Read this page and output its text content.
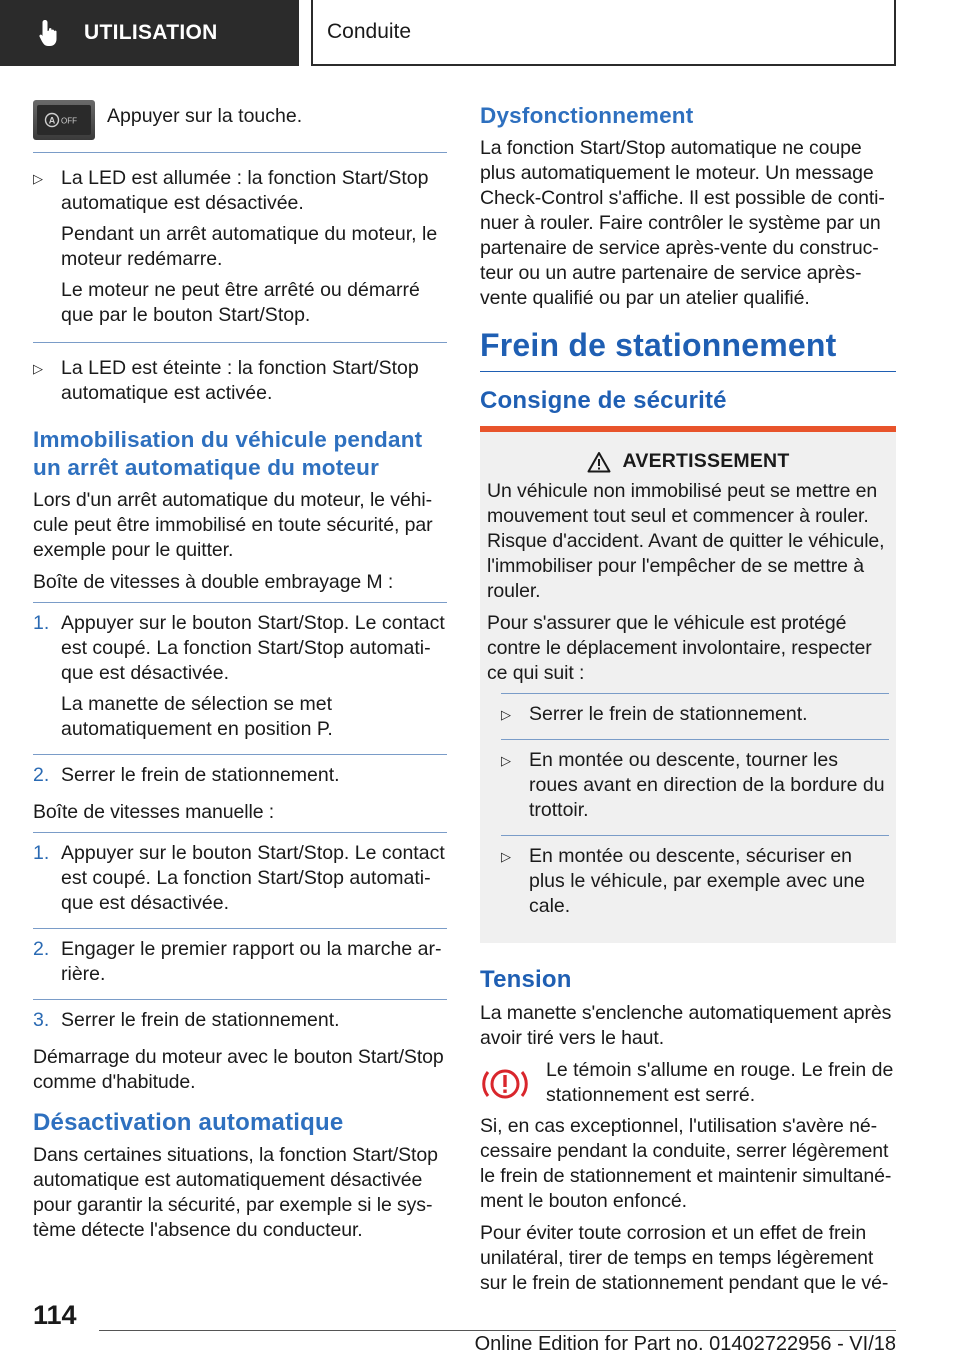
UTILISATION	Conduite
A OFF Appuyer sur la touche.
▷ La LED est allumée : la fonction Start/Stop automatique est désactivée.

Pendant un arrêt automatique du moteur, le moteur redémarre.

Le moteur ne peut être arrêté ou démarré que par le bouton Start/Stop.

▷ La LED est éteinte : la fonction Start/Stop automatique est activée.

Immobilisation du véhicule pendant un arrêt automatique du moteur

Lors d'un arrêt automatique du moteur, le véhicule peut être immobilisé en toute sécurité, par exemple pour le quitter.

Boîte de vitesses à double embrayage M :

1. Appuyer sur le bouton Start/Stop. Le contact est coupé. La fonction Start/Stop automatique est désactivée.

La manette de sélection se met automatiquement en position P.

2. Serrer le frein de stationnement.

Boîte de vitesses manuelle :

1. Appuyer sur le bouton Start/Stop. Le contact est coupé. La fonction Start/Stop automatique est désactivée.

2. Engager le premier rapport ou la marche arrière.

3. Serrer le frein de stationnement.

Démarrage du moteur avec le bouton Start/Stop comme d'habitude.

Désactivation automatique

Dans certaines situations, la fonction Start/Stop automatique est automatiquement désactivée pour garantir la sécurité, par exemple si le système détecte l'absence du conducteur.

Dysfonctionnement

La fonction Start/Stop automatique ne coupe plus automatiquement le moteur. Un message Check-Control s'affiche. Il est possible de continuer à rouler. Faire contrôler le système par un partenaire de service après-vente du constructeur ou un autre partenaire de service après-vente qualifié ou par un atelier qualifié.

Frein de stationnement
Consigne de sécurité
AVERTISSEMENT

Un véhicule non immobilisé peut se mettre en mouvement tout seul et commencer à rouler. Risque d'accident. Avant de quitter le véhicule, l'immobiliser pour l'empêcher de se mettre à rouler.

Pour s'assurer que le véhicule est protégé contre le déplacement involontaire, respecter ce qui suit :

▷ Serrer le frein de stationnement.

▷ En montée ou descente, tourner les roues avant en direction de la bordure du trottoir.

▷ En montée ou descente, sécuriser en plus le véhicule, par exemple avec une cale.

Tension

La manette s'enclenche automatiquement après avoir tiré vers le haut.

Le témoin s'allume en rouge. Le frein de stationnement est serré.

Si, en cas exceptionnel, l'utilisation s'avère nécessaire pendant la conduite, serrer légèrement le frein de stationnement et maintenir simultanément le bouton enfoncé.

Pour éviter toute corrosion et un effet de frein unilatéral, tirer de temps en temps légèrement sur le frein de stationnement pendant que le vé-

114
Online Edition for Part no. 01402722956 - VI/18
